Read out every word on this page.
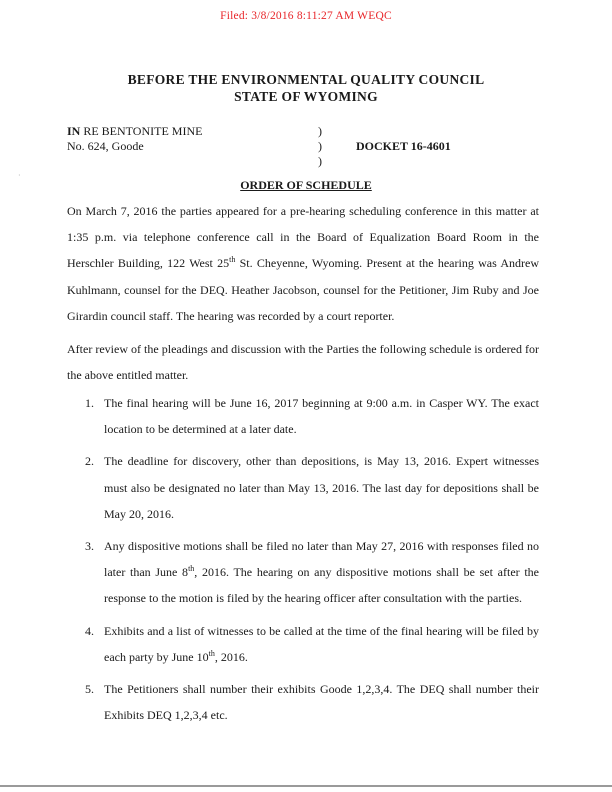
Filed: 3/8/2016 8:11:27 AM WEQC
BEFORE THE ENVIRONMENTAL QUALITY COUNCIL
STATE OF WYOMING
IN RE BENTONITE MINE
No. 624, Goode
)
)
)
DOCKET 16-4601
·
ORDER OF SCHEDULE
On March 7, 2016 the parties appeared for a pre-hearing scheduling conference in this matter at 1:35 p.m. via telephone conference call in the Board of Equalization Board Room in the Herschler Building, 122 West 25th St. Cheyenne, Wyoming. Present at the hearing was Andrew Kuhlmann, counsel for the DEQ. Heather Jacobson, counsel for the Petitioner, Jim Ruby and Joe Girardin council staff. The hearing was recorded by a court reporter.
After review of the pleadings and discussion with the Parties the following schedule is ordered for the above entitled matter.
1. The final hearing will be June 16, 2017 beginning at 9:00 a.m. in Casper WY. The exact location to be determined at a later date.
2. The deadline for discovery, other than depositions, is May 13, 2016. Expert witnesses must also be designated no later than May 13, 2016. The last day for depositions shall be May 20, 2016.
3. Any dispositive motions shall be filed no later than May 27, 2016 with responses filed no later than June 8th, 2016. The hearing on any dispositive motions shall be set after the response to the motion is filed by the hearing officer after consultation with the parties.
4. Exhibits and a list of witnesses to be called at the time of the final hearing will be filed by each party by June 10th, 2016.
5. The Petitioners shall number their exhibits Goode 1,2,3,4. The DEQ shall number their Exhibits DEQ 1,2,3,4 etc.
